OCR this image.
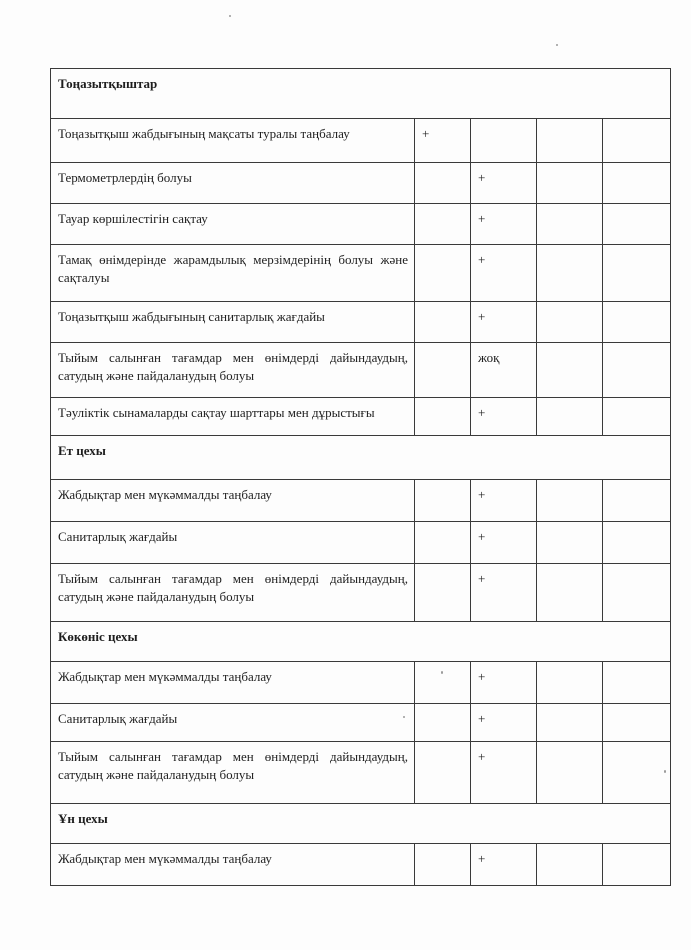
Тоңазытқыштар				
Тоңазытқыш жабдығының мақсаты туралы таңбалау	+			
Термометрлердің болуы		+		
Тауар көршілестігін сақтау		+		
Тамақ өнімдерінде жарамдылық мерзімдерінің болуы және сақталуы		+		
Тоңазытқыш жабдығының санитарлық жағдайы		+		
Тыйым салынған тағамдар мен өнімдерді дайындаудың, сатудың және пайдаланудың болуы		жоқ		
Тәуліктік сынамаларды сақтау шарттары мен дұрыстығы		+		
Ет цехы				
Жабдықтар мен мүкәммалды таңбалау		+		
Санитарлық жағдайы		+		
Тыйым салынған тағамдар мен өнімдерді дайындаудың, сатудың және пайдаланудың болуы		+		
Көкөніс цехы				
Жабдықтар мен мүкәммалды таңбалау		+		
Санитарлық жағдайы		+		
Тыйым салынған тағамдар мен өнімдерді дайындаудың, сатудың және пайдаланудың болуы		+		
Ұн цехы				
Жабдықтар мен мүкәммалды таңбалау		+		
